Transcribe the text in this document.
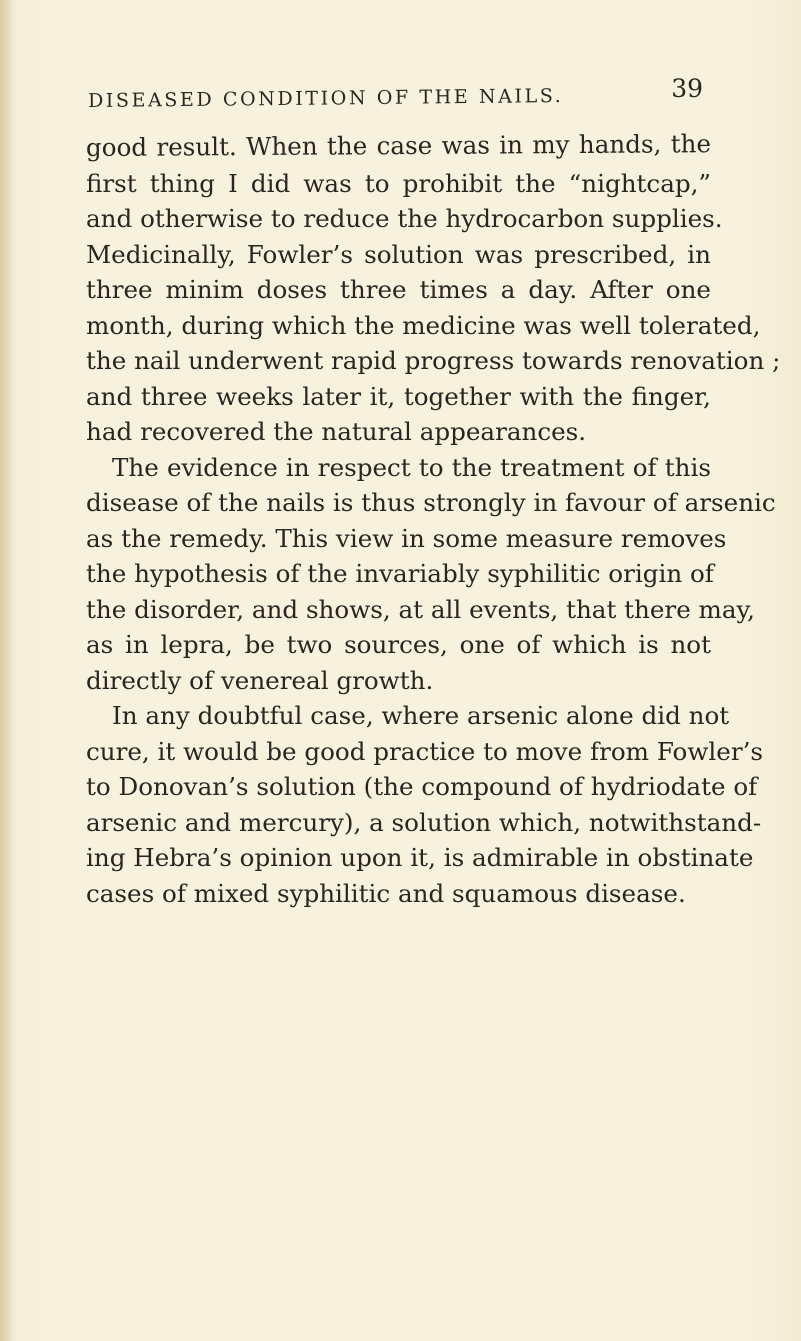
DISEASED CONDITION OF THE NAILS.	39
good result. When the case was in my hands, the
first thing I did was to prohibit the “nightcap,”
and otherwise to reduce the hydrocarbon supplies.
Medicinally, Fowler’s solution was prescribed, in
three minim doses three times a day. After one
month, during which the medicine was well tolerated,
the nail underwent rapid progress towards renovation ;
and three weeks later it, together with the finger,
had recovered the natural appearances.
The evidence in respect to the treatment of this
disease of the nails is thus strongly in favour of arsenic
as the remedy. This view in some measure removes
the hypothesis of the invariably syphilitic origin of
the disorder, and shows, at all events, that there may,
as in lepra, be two sources, one of which is not
directly of venereal growth.
In any doubtful case, where arsenic alone did not
cure, it would be good practice to move from Fowler’s
to Donovan’s solution (the compound of hydriodate of
arsenic and mercury), a solution which, notwithstand-
ing Hebra’s opinion upon it, is admirable in obstinate
cases of mixed syphilitic and squamous disease.
